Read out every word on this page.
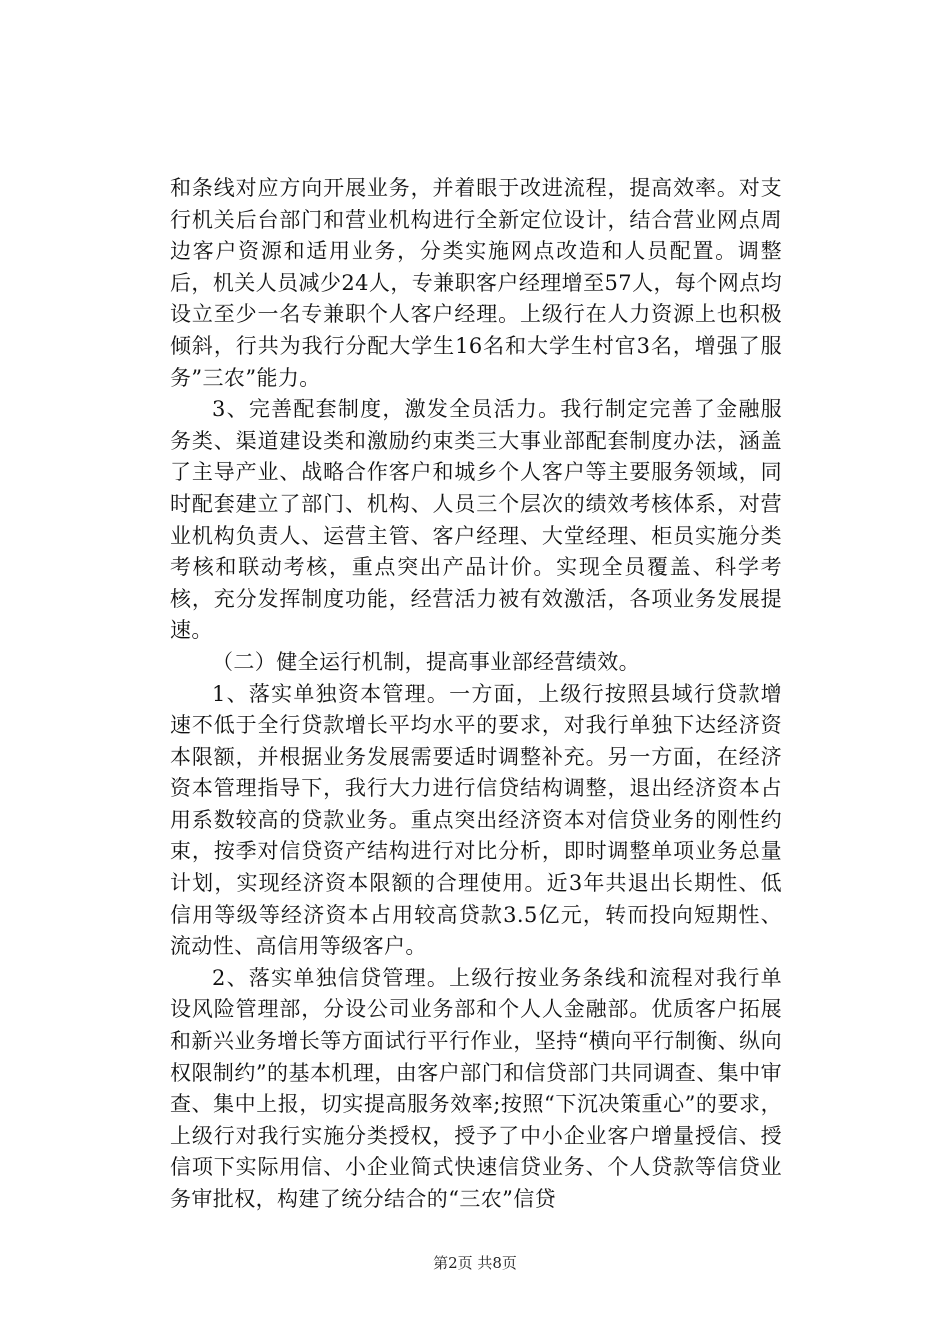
和条线对应方向开展业务，并着眼于改进流程，提高效率。对支行机关后台部门和营业机构进行全新定位设计，结合营业网点周边客户资源和适用业务，分类实施网点改造和人员配置。调整后，机关人员减少24人，专兼职客户经理增至57人，每个网点均设立至少一名专兼职个人客户经理。上级行在人力资源上也积极倾斜，行共为我行分配大学生16名和大学生村官3名，增强了服务”三农”能力。

3、完善配套制度，激发全员活力。我行制定完善了金融服务类、渠道建设类和激励约束类三大事业部配套制度办法，涵盖了主导产业、战略合作客户和城乡个人客户等主要服务领域，同时配套建立了部门、机构、人员三个层次的绩效考核体系，对营业机构负责人、运营主管、客户经理、大堂经理、柜员实施分类考核和联动考核，重点突出产品计价。实现全员覆盖、科学考核，充分发挥制度功能，经营活力被有效激活，各项业务发展提速。

（二）健全运行机制，提高事业部经营绩效。

1、落实单独资本管理。一方面，上级行按照县域行贷款增速不低于全行贷款增长平均水平的要求，对我行单独下达经济资本限额，并根据业务发展需要适时调整补充。另一方面，在经济资本管理指导下，我行大力进行信贷结构调整，退出经济资本占用系数较高的贷款业务。重点突出经济资本对信贷业务的刚性约束，按季对信贷资产结构进行对比分析，即时调整单项业务总量计划，实现经济资本限额的合理使用。近3年共退出长期性、低信用等级等经济资本占用较高贷款3.5亿元，转而投向短期性、流动性、高信用等级客户。

2、落实单独信贷管理。上级行按业务条线和流程对我行单设风险管理部，分设公司业务部和个人人金融部。优质客户拓展和新兴业务增长等方面试行平行作业，坚持“横向平行制衡、纵向权限制约”的基本机理，由客户部门和信贷部门共同调查、集中审查、集中上报，切实提高服务效率;按照“下沉决策重心”的要求，上级行对我行实施分类授权，授予了中小企业客户增量授信、授信项下实际用信、小企业简式快速信贷业务、个人贷款等信贷业务审批权，构建了统分结合的“三农”信贷

第2页 共8页
